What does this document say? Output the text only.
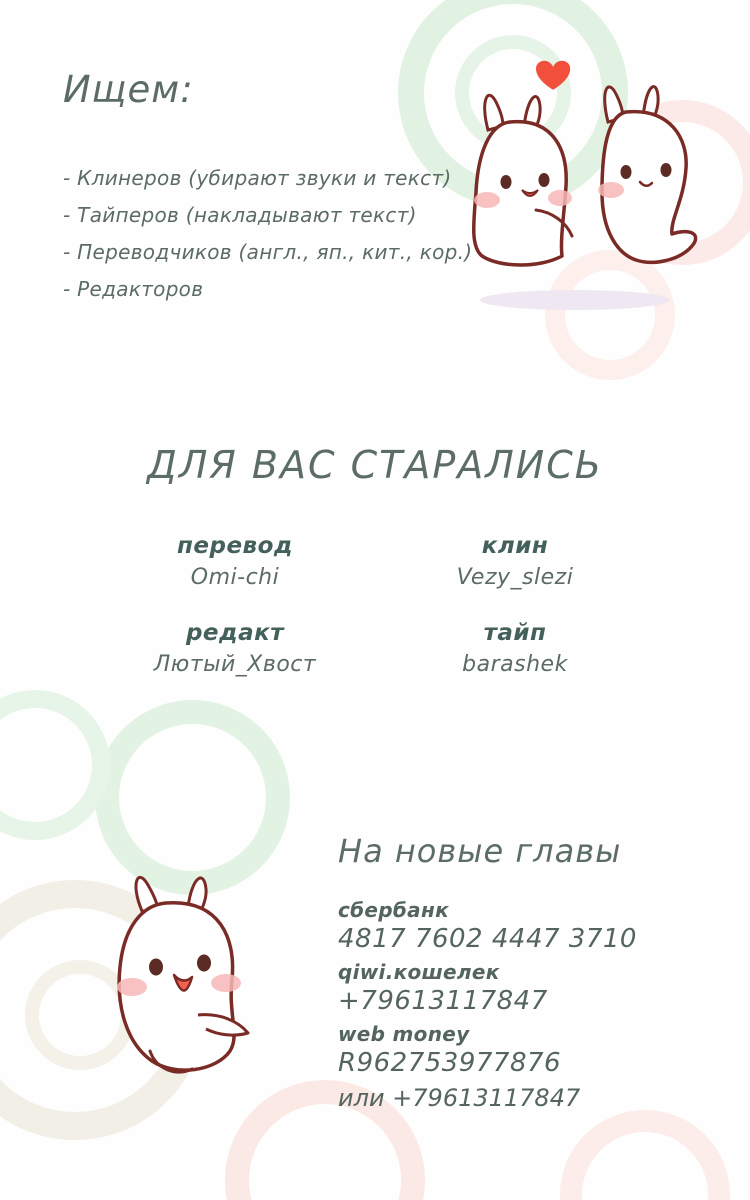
Ищем:
- Клинеров (убирают звуки и текст)
- Тайперов (накладывают текст)
- Переводчиков (англ., яп., кит., кор.)
- Редакторов
ДЛЯ ВАС СТАРАЛИСЬ
перевод
Omi-chi
клин
Vezy_slezi
редакт
Лютый_Хвост
тайп
barashek
На новые главы
сбербанк
4817 7602 4447 3710
qiwi.кошелек
+79613117847
web money
R962753977876
или +79613117847
